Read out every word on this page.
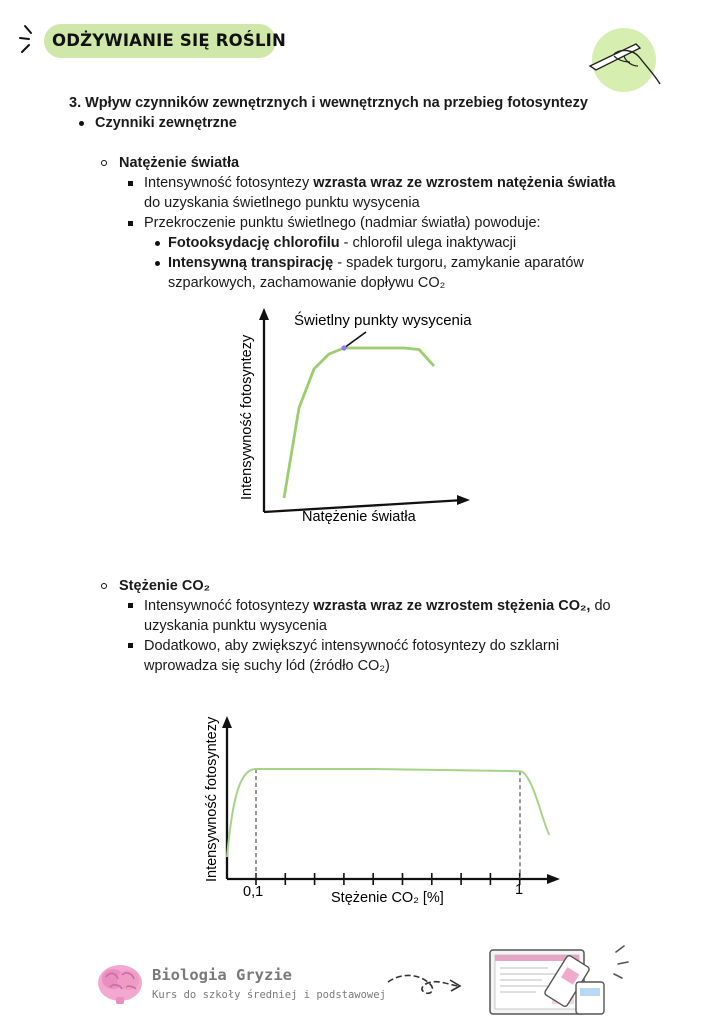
ODŻYWIANIE SIĘ ROŚLIN
3. Wpływ czynników zewnętrznych i wewnętrznych na przebieg fotosyntezy
Czynniki zewnętrzne
Natężenie światła
Intensywność fotosyntezy wzrasta wraz ze wzrostem natężenia światła
do uzyskania świetlnego punktu wysycenia
Przekroczenie punktu świetlnego (nadmiar światła) powoduje:
Fotooksydację chlorofilu - chlorofil ulega inaktywacji
Intensywną transpirację - spadek turgoru, zamykanie aparatów
szparkowych, zachamowanie dopływu CO₂
Świetlny punkty wysycenia
Intensywność fotosyntezy
Natężenie światła
Stężenie CO₂
Intensywnoćć fotosyntezy wzrasta wraz ze wzrostem stężenia CO₂, do
uzyskania punktu wysycenia
Dodatkowo, aby zwiększyć intensywnoćć fotosyntezy do szklarni
wprowadza się suchy lód (źródło CO₂)
0,1	1
Intensywność fotosyntezy
Stężenie CO₂ [%]
Biologia Gryzie
Kurs do szkoły średniej i podstawowej
